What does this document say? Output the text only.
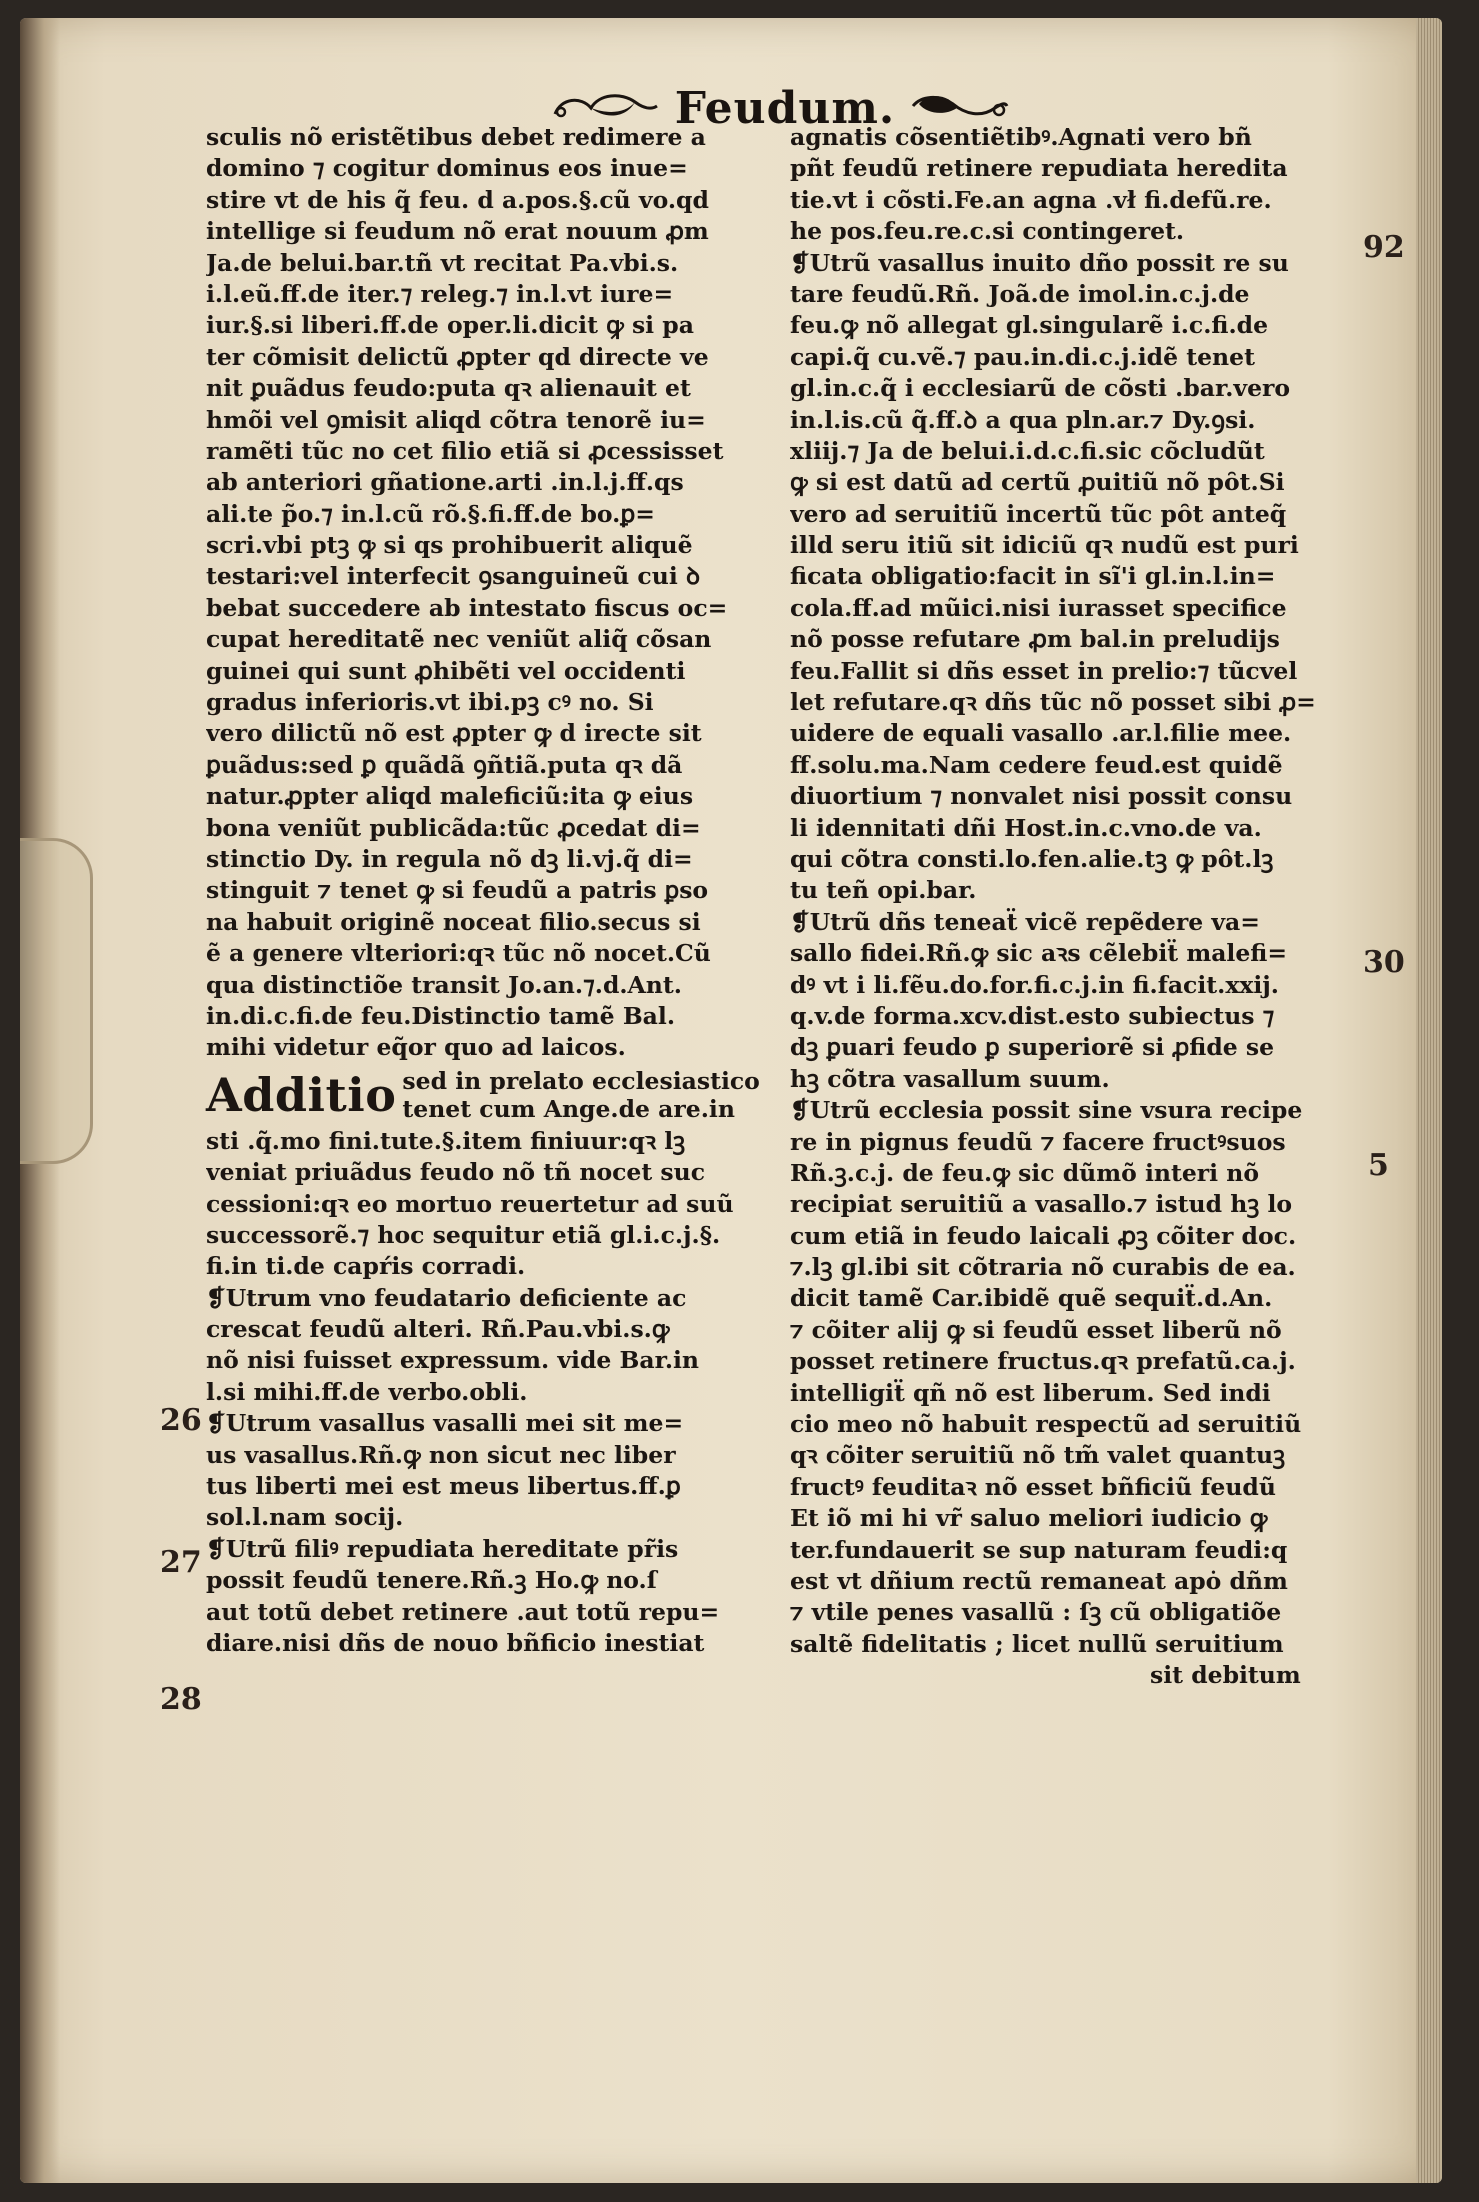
Feudum.
sculis nõ eristẽtibus debet redimere a
domino ⁊ cogitur dominus eos inue=
stire vt de his q̃ feu. d a.pos.§.cũ vo.qd
intellige si feudum nõ erat nouum ꝓm
Ja.de belui.bar.tñ vt recitat Pa.vbi.s.
i.l.eũ.ff.de iter.⁊ releg.⁊ in.l.vt iure=
iur.§.si liberi.ff.de oper.li.dicit ꝙ si pa
ter cõmisit delictũ ꝓpter qd directe ve
nit ꝑuãdus feudo:puta qꝛ alienauit et
hmõi vel ꝯmisit aliqd cõtra tenorẽ iu=
ramẽti tũc no cet filio etiã si ꝓcessisset
ab anteriori gñatione.arti .in.l.j.ff.qs
ali.te p̃o.⁊ in.l.cũ rõ.§.fi.ff.de bo.ꝑ=
scri.vbi ptꝫ ꝙ si qs prohibuerit aliquẽ
testari:vel interfecit ꝯsanguineũ cui ꝺ
bebat succedere ab intestato fiscus oc=
cupat hereditatẽ nec veniũt aliq̃ cõsan
guinei qui sunt ꝓhibẽti vel occidenti
gradus inferioris.vt ibi.pꝫ cꝰ no. Si
vero dilictũ nõ est ꝓpter ꝙ d irecte sit
ꝑuãdus:sed ꝑ quãdã ꝯñtiã.puta qꝛ dã
natur.ꝓpter aliqd maleficiũ:ita ꝙ eius
bona veniũt publicãda:tũc ꝓcedat di=
stinctio Dy. in regula nõ dꝫ li.vj.q̃ di=
stinguit ⁊ tenet ꝙ si feudũ a patris ꝑso
na habuit originẽ noceat filio.secus si
ẽ a genere vlteriori:qꝛ tũc nõ nocet.Cũ
qua distinctiõe transit Jo.an.⁊.d.Ant.
in.di.c.fi.de feu.Distinctio tamẽ Bal.
mihi videtur eq̃or quo ad laicos.
Additio sed in prelato ecclesiastico
tenet cum Ange.de are.in
sti .q̃.mo fini.tute.§.item finiuur:qꝛ lꝫ
veniat priuãdus feudo nõ tñ nocet suc
cessioni:qꝛ eo mortuo reuertetur ad suũ
successorẽ.⁊ hoc sequitur etiã gl.i.c.j.§.
fi.in ti.de capŕis corradi.
❡Utrum vno feudatario deficiente ac
crescat feudũ alteri. Rñ.Pau.vbi.s.ꝙ
nõ nisi fuisset expressum. vide Bar.in
l.si mihi.ff.de verbo.obli.
❡Utrum vasallus vasalli mei sit me=
us vasallus.Rñ.ꝙ non sicut nec liber
tus liberti mei est meus libertus.ff.ꝑ
sol.l.nam socij.
❡Utrũ filiꝰ repudiata hereditate pr̃is
possit feudũ tenere.Rñ.ꝫ Ho.ꝙ no.ſ
aut totũ debet retinere .aut totũ repu=
diare.nisi dñs de nouo bñficio inestiat
agnatis cõsentiẽtibꝰ.Agnati vero bñ
pñt feudũ retinere repudiata heredita
tie.vt i cõsti.Fe.an agna .vł fi.defũ.re.
he pos.feu.re.c.si contingeret.
❡Utrũ vasallus inuito dño possit re su
tare feudũ.Rñ. Joã.de imol.in.c.j.de
feu.ꝙ nõ allegat gl.singularẽ i.c.fi.de
capi.q̃ cu.vẽ.⁊ pau.in.di.c.j.idẽ tenet
gl.in.c.q̃ i ecclesiarũ de cõsti .bar.vero
in.l.is.cũ q̃.ff.ꝺ a qua pln.ar.⁊ Dy.ꝯsi.
xliij.⁊ Ja de belui.i.d.c.fi.sic cõcludũt
ꝙ si est datũ ad certũ ꝓuitiũ nõ pȏt.Si
vero ad seruitiũ incertũ tũc pȏt anteq̃
illd seru itiũ sit idiciũ qꝛ nudũ est puri
ficata obligatio:facit in sĩ'i gl.in.l.in=
cola.ff.ad mũici.nisi iurasset specifice
nõ posse refutare ꝓm bal.in preludijs
feu.Fallit si dñs esset in prelio:⁊ tũcvel
let refutare.qꝛ dñs tũc nõ posset sibi ꝓ=
uidere de equali vasallo .ar.l.filie mee.
ff.solu.ma.Nam cedere feud.est quidẽ
diuortium ⁊ nonvalet nisi possit consu
li idennitati dñi Host.in.c.vno.de va.
qui cõtra consti.lo.fen.alie.tꝫ ꝙ pȏt.lꝫ
tu teñ opi.bar.
❡Utrũ dñs teneaẗ vicẽ repẽdere va=
sallo fidei.Rñ.ꝙ sic aꝛs cẽlebiẗ malefi=
dꝰ vt i li.fẽu.do.for.fi.c.j.in fi.facit.xxij.
q.v.de forma.xcv.dist.esto subiectus ⁊
dꝫ ꝑuari feudo ꝑ superiorẽ si ꝓfide se
hꝫ cõtra vasallum suum.
❡Utrũ ecclesia possit sine vsura recipe
re in pignus feudũ ⁊ facere fructꝰsuos
Rñ.ꝫ.c.j. de feu.ꝙ sic dũmõ interi nõ
recipiat seruitiũ a vasallo.⁊ istud hꝫ lo
cum etiã in feudo laicali ꝓꝫ cõiter doc.
⁊.lꝫ gl.ibi sit cõtraria nõ curabis de ea.
dicit tamẽ Car.ibidẽ quẽ sequiẗ.d.An.
⁊ cõiter alij ꝙ si feudũ esset liberũ nõ
posset retinere fructus.qꝛ prefatũ.ca.j.
intelligiẗ qñ nõ est liberum. Sed indi
cio meo nõ habuit respectũ ad seruitiũ
qꝛ cõiter seruitiũ nõ tm̃ valet quantuꝫ
fructꝰ feuditaꝛ nõ esset bñficiũ feudũ
Et iõ mi hi vr̃ saluo meliori iudicio ꝙ
ter.fundauerit se sup naturam feudi:q
est vt dñium rectũ remaneat apȯ dñm
⁊ vtile penes vasallũ : ſꝫ cũ obligatiõe
saltẽ fidelitatis ; licet nullũ seruitium
sit debitum
92
30
5
26
27
28
